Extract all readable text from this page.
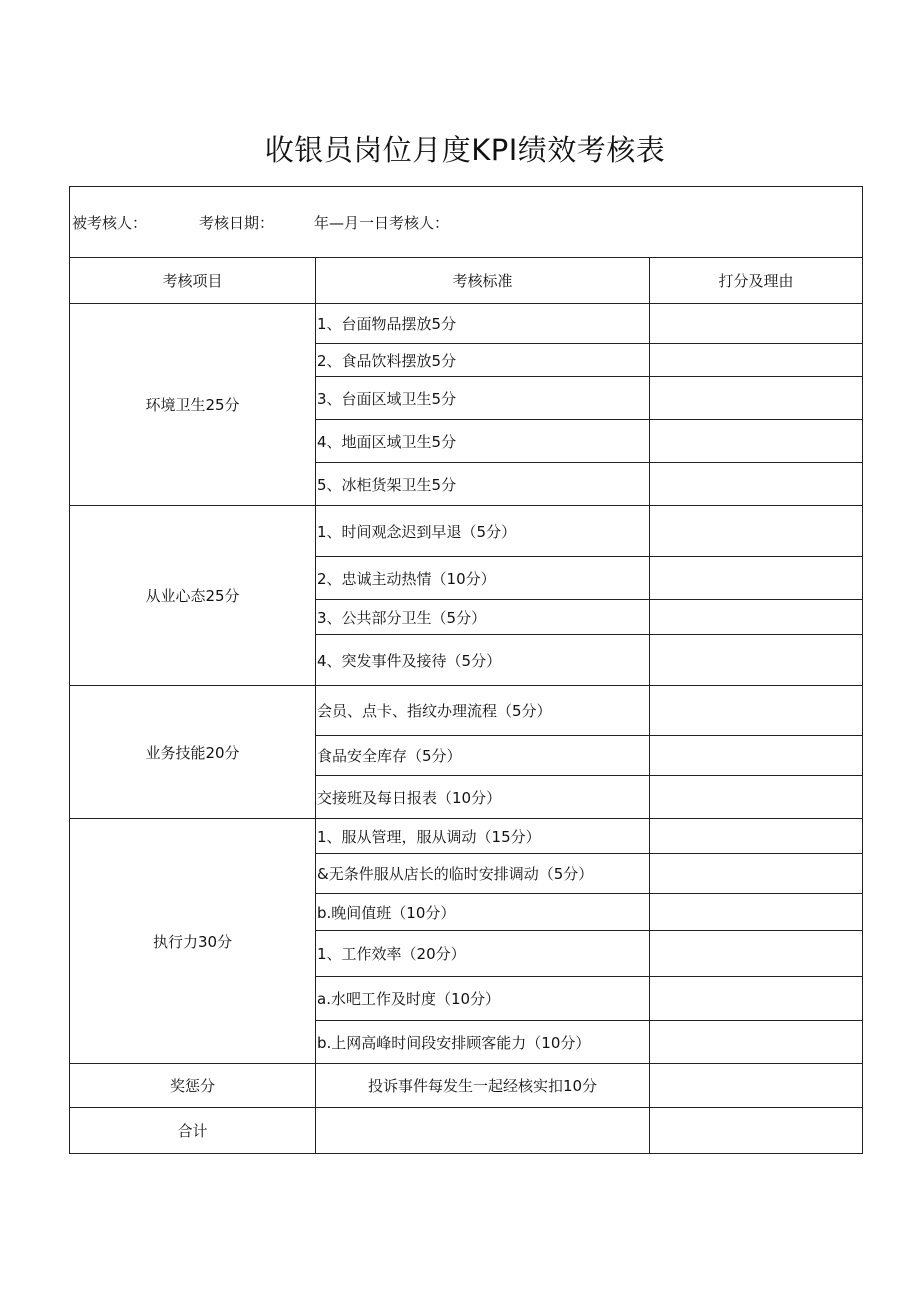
收银员岗位月度KPI绩效考核表
被考核人： 考核日期： 年—月一日考核人：		
考核项目	考核标准	打分及理由
环境卫生25分	1、台面物品摆放5分	
	2、食品饮料摆放5分	
	3、台面区域卫生5分	
	4、地面区域卫生5分	
	5、冰柜货架卫生5分	
从业心态25分	1、时间观念迟到早退（5分）	
	2、忠诚主动热情（10分）	
	3、公共部分卫生（5分）	
	4、突发事件及接待（5分）	
业务技能20分	会员、点卡、指纹办理流程（5分）	
	食品安全库存（5分）	
	交接班及每日报表（10分）	
执行力30分	1、服从管理，服从调动（15分）	
	&无条件服从店长的临时安排调动（5分）	
	b.晚间值班（10分）	
	1、工作效率（20分）	
	a.水吧工作及时度（10分）	
	b.上网高峰时间段安排顾客能力（10分）	
奖惩分	投诉事件每发生一起经核实扣10分	
合计		
